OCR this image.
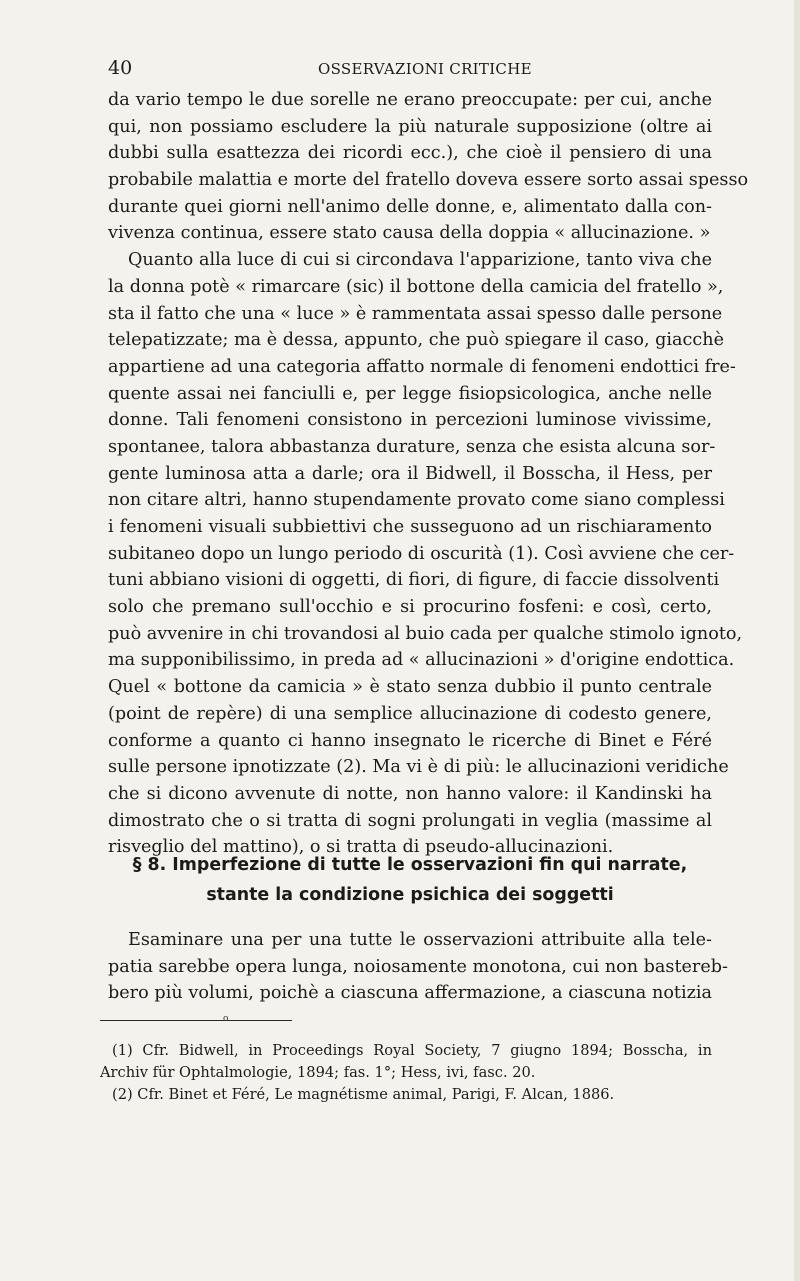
40	OSSERVAZIONI CRITICHE
da vario tempo le due sorelle ne erano preoccupate: per cui, anche
qui, non possiamo escludere la più naturale supposizione (oltre ai
dubbi sulla esattezza dei ricordi ecc.), che cioè il pensiero di una
probabile malattia e morte del fratello doveva essere sorto assai spesso
durante quei giorni nell'animo delle donne, e, alimentato dalla con-
vivenza continua, essere stato causa della doppia « allucinazione. »
Quanto alla luce di cui si circondava l'apparizione, tanto viva che
la donna potè « rimarcare (sic) il bottone della camicia del fratello »,
sta il fatto che una « luce » è rammentata assai spesso dalle persone
telepatizzate; ma è dessa, appunto, che può spiegare il caso, giacchè
appartiene ad una categoria affatto normale di fenomeni endottici fre-
quente assai nei fanciulli e, per legge fisiopsicologica, anche nelle
donne. Tali fenomeni consistono in percezioni luminose vivissime,
spontanee, talora abbastanza durature, senza che esista alcuna sor-
gente luminosa atta a darle; ora il Bidwell, il Bosscha, il Hess, per
non citare altri, hanno stupendamente provato come siano complessi
i fenomeni visuali subbiettivi che susseguono ad un rischiaramento
subitaneo dopo un lungo periodo di oscurità (1). Così avviene che cer-
tuni abbiano visioni di oggetti, di fiori, di figure, di faccie dissolventi
solo che premano sull'occhio e si procurino fosfeni: e così, certo,
può avvenire in chi trovandosi al buio cada per qualche stimolo ignoto,
ma supponibilissimo, in preda ad « allucinazioni » d'origine endottica.
Quel « bottone da camicia » è stato senza dubbio il punto centrale
(point de repère) di una semplice allucinazione di codesto genere,
conforme a quanto ci hanno insegnato le ricerche di Binet e Féré
sulle persone ipnotizzate (2). Ma vi è di più: le allucinazioni veridiche
che si dicono avvenute di notte, non hanno valore: il Kandinski ha
dimostrato che o si tratta di sogni prolungati in veglia (massime al
risveglio del mattino), o si tratta di pseudo-allucinazioni.
§ 8. Imperfezione di tutte le osservazioni fin qui narrate,
stante la condizione psichica dei soggetti
Esaminare una per una tutte le osservazioni attribuite alla tele-
patia sarebbe opera lunga, noiosamente monotona, cui non bastereb-
bero più volumi, poichè a ciascuna affermazione, a ciascuna notizia
o
(1) Cfr. Bidwell, in Proceedings Royal Society, 7 giugno 1894; Bosscha, in
Archiv für Ophtalmologie, 1894; fas. 1°; Hess, ivi, fasc. 20.
(2) Cfr. Binet et Féré, Le magnétisme animal, Parigi, F. Alcan, 1886.
